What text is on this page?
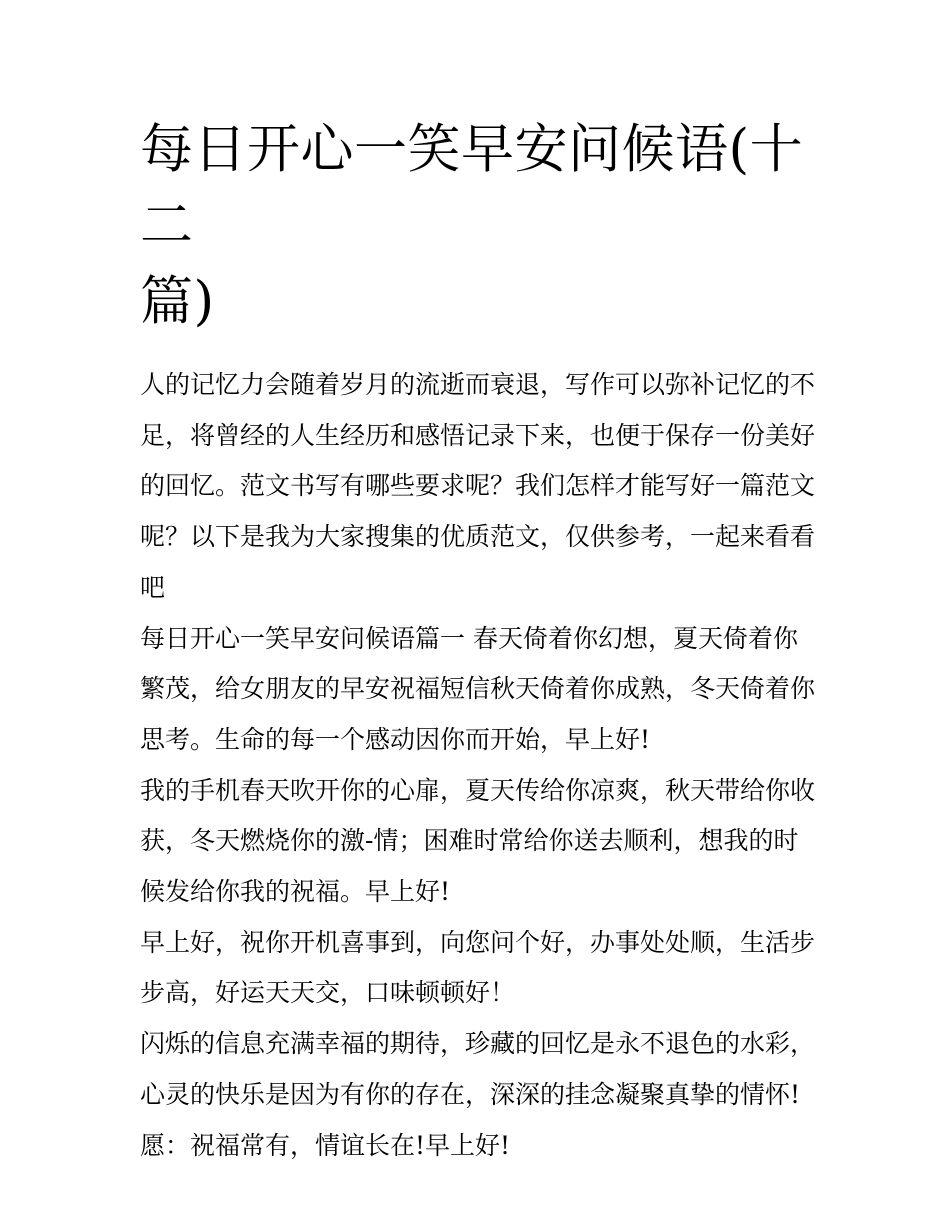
每日开心一笑早安问候语(十二
篇)
人的记忆力会随着岁月的流逝而衰退，写作可以弥补记忆的不
足，将曾经的人生经历和感悟记录下来，也便于保存一份美好
的回忆。范文书写有哪些要求呢？我们怎样才能写好一篇范文
呢？以下是我为大家搜集的优质范文，仅供参考，一起来看看
吧
每日开心一笑早安问候语篇一 春天倚着你幻想，夏天倚着你
繁茂，给女朋友的早安祝福短信秋天倚着你成熟，冬天倚着你
思考。生命的每一个感动因你而开始，早上好!
我的手机春天吹开你的心扉，夏天传给你凉爽，秋天带给你收
获，冬天燃烧你的激-情；困难时常给你送去顺利，想我的时
候发给你我的祝福。早上好!
早上好，祝你开机喜事到，向您问个好，办事处处顺，生活步
步高，好运天天交，口味顿顿好！
闪烁的信息充满幸福的期待，珍藏的回忆是永不退色的水彩，
心灵的快乐是因为有你的存在，深深的挂念凝聚真挚的情怀!
愿：祝福常有，情谊长在!早上好!
